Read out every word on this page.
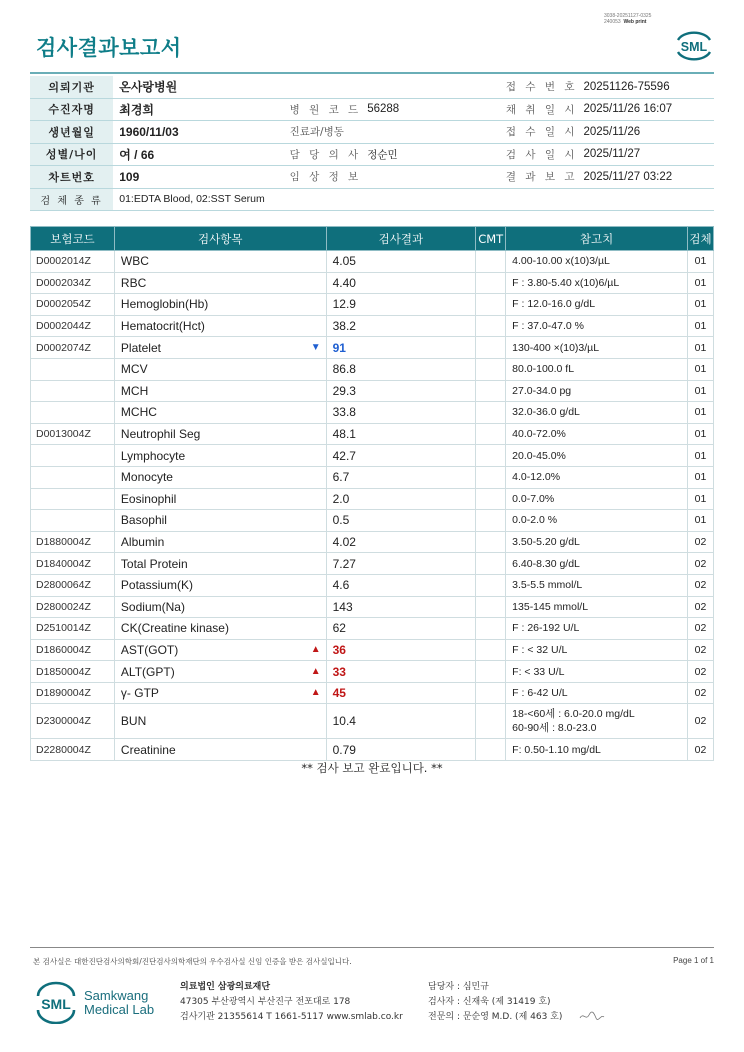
3038-20251127-0325
240053 Web print
검사결과보고서	SML
의뢰기관	온사랑병원			접 수 번 호	20251126-75596
수진자명	최경희	병 원 코 드	56288	채 취 일 시	2025/11/26 16:07
생년월일	1960/11/03	진료과/병동		접 수 일 시	2025/11/26
성별/나이	여 / 66	담 당 의 사	정순민	검 사 일 시	2025/11/27
차트번호	109	임 상 정 보		결 과 보 고	2025/11/27 03:22
검 체 종 류	01:EDTA Blood, 02:SST Serum				
보험코드	검사항목	검사결과	CMT	참고치	검체
D0002014Z	WBC	4.05		4.00-10.00 x(10)3/µL	01
D0002034Z	RBC	4.40		F : 3.80-5.40 x(10)6/µL	01
D0002054Z	Hemoglobin(Hb)	12.9		F : 12.0-16.0 g/dL	01
D0002044Z	Hematocrit(Hct)	38.2		F : 37.0-47.0 %	01
D0002074Z	Platelet ▼	91		130-400 ×(10)3/µL	01
	MCV	86.8		80.0-100.0 fL	01
	MCH	29.3		27.0-34.0 pg	01
	MCHC	33.8		32.0-36.0 g/dL	01
D0013004Z	Neutrophil Seg	48.1		40.0-72.0%	01
	Lymphocyte	42.7		20.0-45.0%	01
	Monocyte	6.7		4.0-12.0%	01
	Eosinophil	2.0		0.0-7.0%	01
	Basophil	0.5		0.0-2.0 %	01
D1880004Z	Albumin	4.02		3.50-5.20 g/dL	02
D1840004Z	Total Protein	7.27		6.40-8.30 g/dL	02
D2800064Z	Potassium(K)	4.6		3.5-5.5 mmol/L	02
D2800024Z	Sodium(Na)	143		135-145 mmol/L	02
D2510014Z	CK(Creatine kinase)	62		F : 26-192 U/L	02
D1860004Z	AST(GOT) ▲	36		F : < 32 U/L	02
D1850004Z	ALT(GPT) ▲	33		F: < 33 U/L	02
D1890004Z	γ- GTP ▲	45		F : 6-42 U/L	02
D2300004Z	BUN	10.4		18-<60세 : 6.0-20.0 mg/dL
60-90세 : 8.0-23.0	02
D2280004Z	Creatinine	0.79		F: 0.50-1.10 mg/dL	02
** 검사 보고 완료입니다. **
본 검사실은 대한진단검사의학회/진단검사의학재단의 우수검사실 신임 인증을 받은 검사실입니다.	Page 1 of 1
SML
Samkwang
Medical Lab
의료법인 삼광의료재단
47305 부산광역시 부산진구 전포대로 178
검사기관 21355614 T 1661-5117 www.smlab.co.kr
담당자 : 심민규
검사자 : 신재욱 (제 31419 호)
전문의 : 문순영 M.D. (제 463 호)
